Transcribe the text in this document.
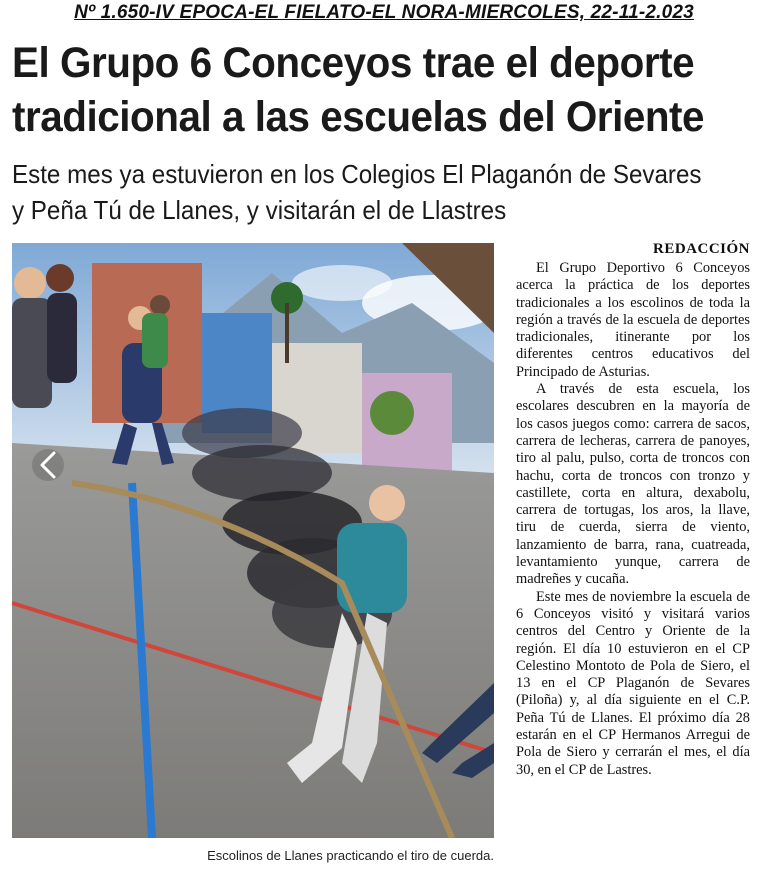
Nº 1.650-IV EPOCA-EL FIELATO-EL NORA-MIERCOLES, 22-11-2.023
El Grupo 6 Conceyos trae el deporte tradicional a las escuelas del Oriente
Este mes ya estuvieron en los Colegios El Plaganón de Sevares y Peña Tú de Llanes, y visitarán el de Llastres
Escolinos de Llanes practicando el tiro de cuerda.
REDACCIÓN

El Grupo Deportivo 6 Conceyos acerca la práctica de los deportes tradicionales a los escolinos de toda la región a través de la escuela de deportes tradicionales, itinerante por los diferentes centros educativos del Principado de Asturias.

A través de esta escuela, los escolares descubren en la mayoría de los casos juegos como: carrera de sacos, carrera de lecheras, carrera de panoyes, tiro al palu, pulso, corta de troncos con hachu, corta de troncos con tronzo y castillete, corta en altura, dexabolu, carrera de tortugas, los aros, la llave, tiru de cuerda, sierra de viento, lanzamiento de barra, rana, cuatreada, levantamiento yunque, carrera de madreñes y cucaña.

Este mes de noviembre la escuela de 6 Conceyos visitó y visitará varios centros del Centro y Oriente de la región. El día 10 estuvieron en el CP Celestino Montoto de Pola de Siero, el 13 en el CP Plaganón de Sevares (Piloña) y, al día siguiente en el C.P. Peña Tú de Llanes. El próximo día 28 estarán en el CP Hermanos Arregui de Pola de Siero y cerrarán el mes, el día 30, en el CP de Lastres.
